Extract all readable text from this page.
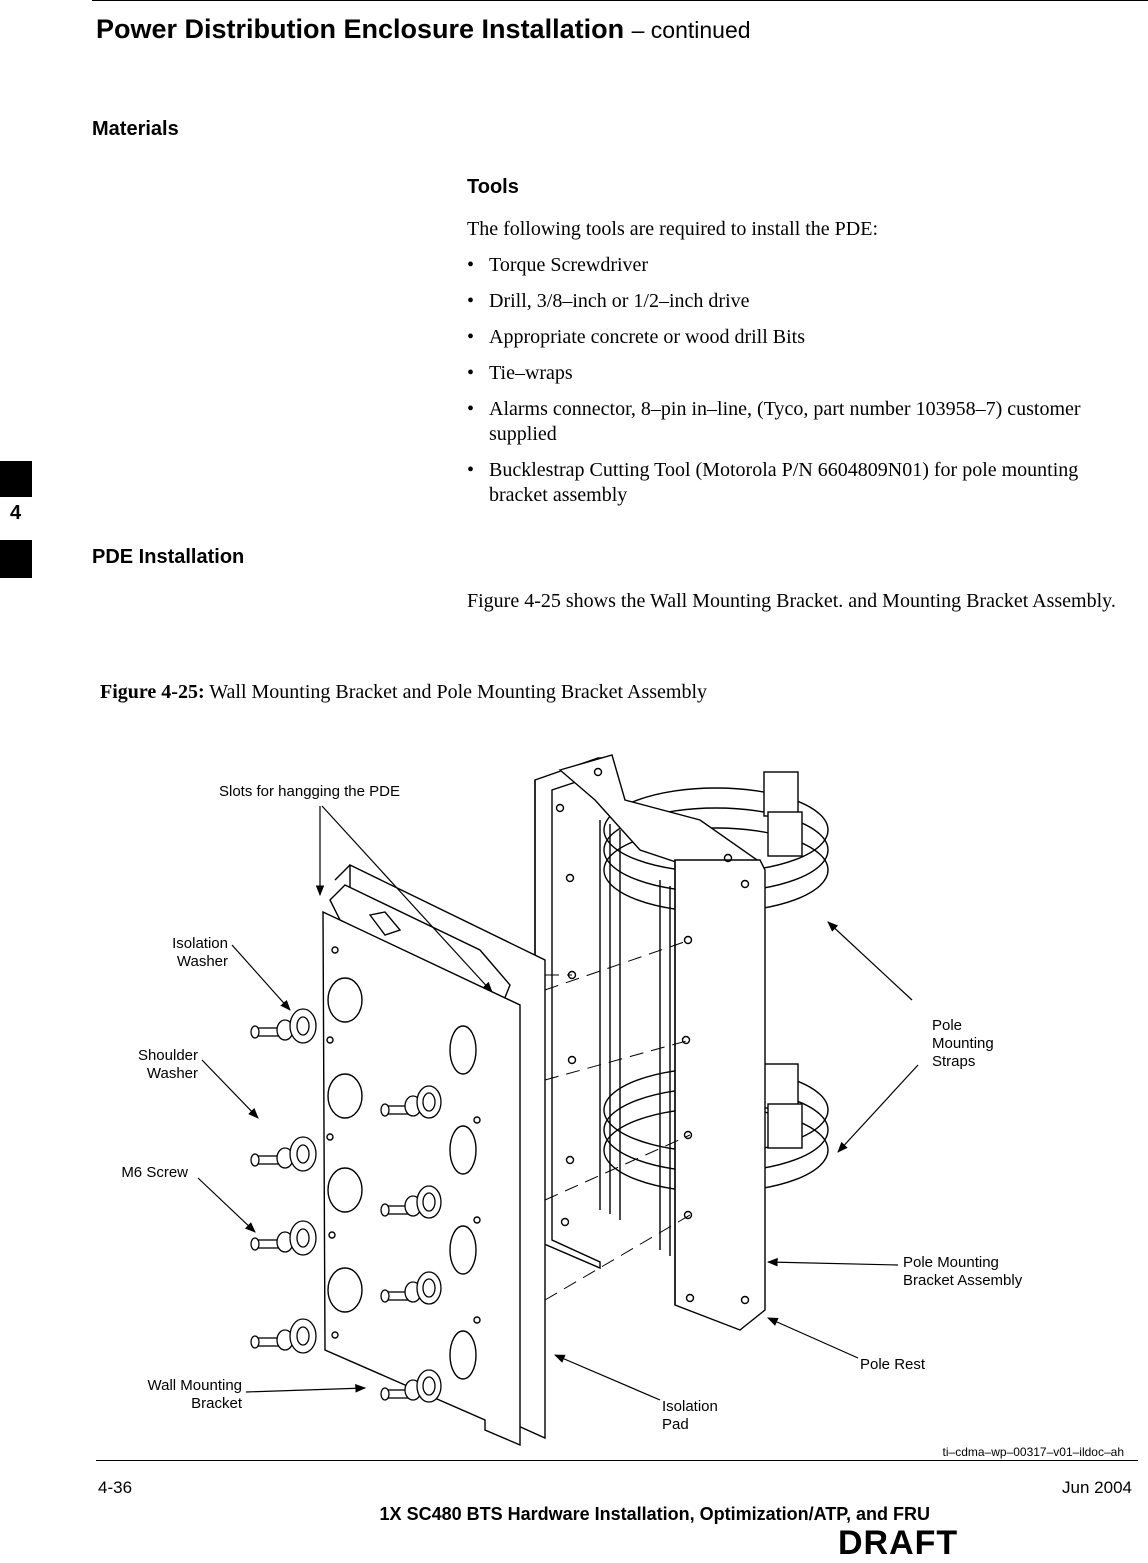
Power Distribution Enclosure Installation – continued
4
Materials
Tools
The following tools are required to install the PDE:
• Torque Screwdriver
• Drill, 3/8–inch or 1/2–inch drive
• Appropriate concrete or wood drill Bits
• Tie–wraps
• Alarms connector, 8–pin in–line, (Tyco, part number 103958–7) customer supplied
• Bucklestrap Cutting Tool (Motorola P/N 6604809N01) for pole mounting bracket assembly
PDE Installation
Figure 4-25 shows the Wall Mounting Bracket. and Mounting Bracket Assembly.
Figure 4-25: Wall Mounting Bracket and Pole Mounting Bracket Assembly
Slots for hangging the PDE
Isolation
Washer
Shoulder
Washer
M6 Screw
Wall Mounting
Bracket
Pole
Mounting
Straps
Pole Mounting
Bracket Assembly
Pole Rest
Isolation
Pad
ti–cdma–wp–00317–v01–ildoc–ah
4-36
1X SC480 BTS Hardware Installation, Optimization/ATP, and FRU
Jun 2004
DRAFT
